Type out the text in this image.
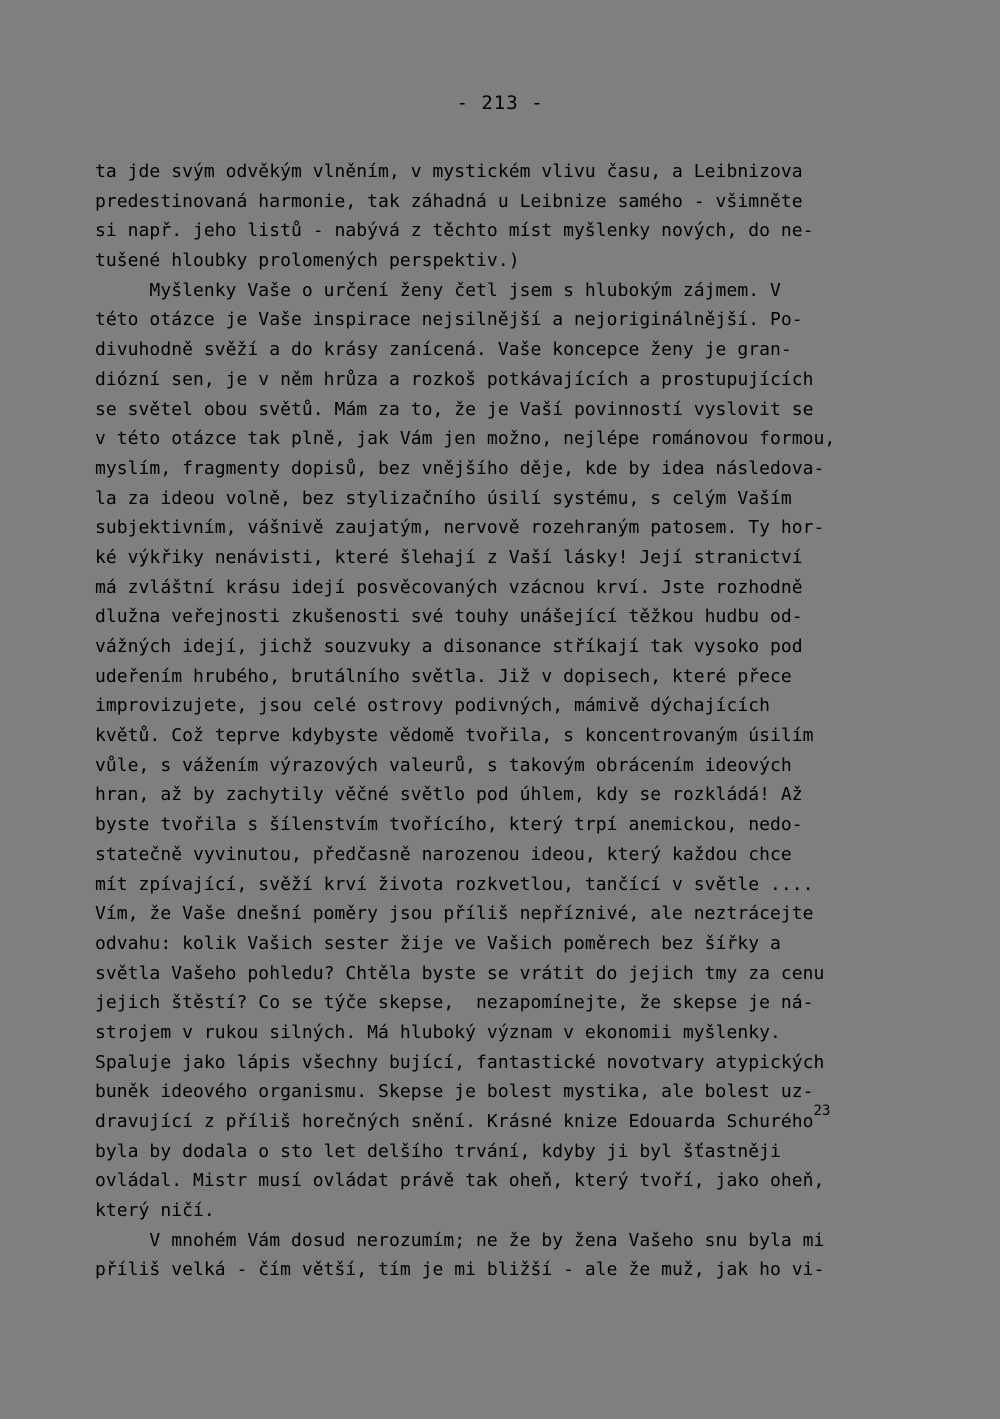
- 213 -
ta jde svým odvěkým vlněním, v mystickém vlivu času, a Leibnizova
predestinovaná harmonie, tak záhadná u Leibnize samého - všimněte
si např. jeho listů - nabývá z těchto míst myšlenky nových, do ne-
tušené hloubky prolomených perspektiv.)
Myšlenky Vaše o určení ženy četl jsem s hlubokým zájmem. V
této otázce je Vaše inspirace nejsilnější a nejoriginálnější. Po-
divuhodně svěží a do krásy zanícená. Vaše koncepce ženy je gran-
diózní sen, je v něm hrůza a rozkoš potkávajících a prostupujících
se světel obou světů. Mám za to, že je Vaší povinností vyslovit se
v této otázce tak plně, jak Vám jen možno, nejlépe románovou formou,
myslím, fragmenty dopisů, bez vnějšího děje, kde by idea následova-
la za ideou volně, bez stylizačního úsilí systému, s celým Vaším
subjektivním, vášnivě zaujatým, nervově rozehraným patosem. Ty hor-
ké výkřiky nenávisti, které šlehají z Vaší lásky! Její stranictví
má zvláštní krásu idejí posvěcovaných vzácnou krví. Jste rozhodně
dlužna veřejnosti zkušenosti své touhy unášející těžkou hudbu od-
vážných idejí, jichž souzvuky a disonance stříkají tak vysoko pod
udeřením hrubého, brutálního světla. Již v dopisech, které přece
improvizujete, jsou celé ostrovy podivných, mámivě dýchajících
květů. Což teprve kdybyste vědomě tvořila, s koncentrovaným úsilím
vůle, s vážením výrazových valeurů, s takovým obrácením ideových
hran, až by zachytily věčné světlo pod úhlem, kdy se rozkládá! Až
byste tvořila s šílenstvím tvořícího, který trpí anemickou, nedo-
statečně vyvinutou, předčasně narozenou ideou, který každou chce
mít zpívající, svěží krví života rozkvetlou, tančící v světle ....
Vím, že Vaše dnešní poměry jsou příliš nepříznivé, ale neztrácejte
odvahu: kolik Vašich sester žije ve Vašich poměrech bez šířky a
světla Vašeho pohledu? Chtěla byste se vrátit do jejich tmy za cenu
jejich štěstí? Co se týče skepse,  nezapomínejte, že skepse je ná-
strojem v rukou silných. Má hluboký význam v ekonomii myšlenky.
Spaluje jako lápis všechny bující, fantastické novotvary atypických
buněk ideového organismu. Skepse je bolest mystika, ale bolest uz-
dravující z příliš horečných snění. Krásné knize Edouarda Schurého$^{23}$
byla by dodala o sto let delšího trvání, kdyby ji byl šťastněji
ovládal. Mistr musí ovládat právě tak oheň, který tvoří, jako oheň,
který ničí.
V mnohém Vám dosud nerozumím; ne že by žena Vašeho snu byla mi
příliš velká - čím větší, tím je mi bližší - ale že muž, jak ho vi-
